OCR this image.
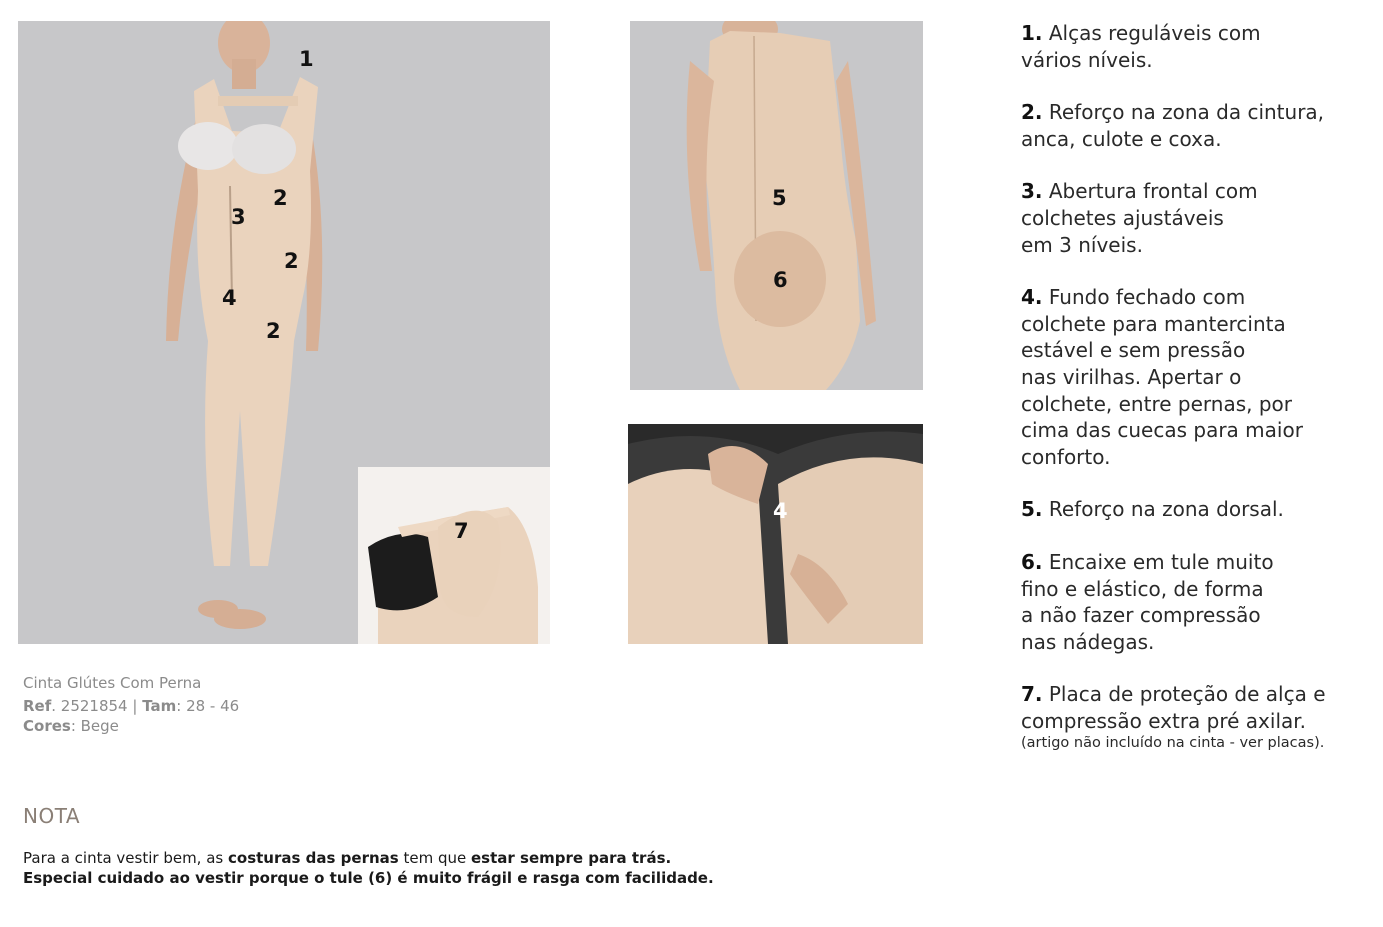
1
2
3
2
4
2
7
5
6
4
Cinta Glútes Com Perna
Ref. 2521854 | Tam: 28 - 46
Cores: Bege
NOTA
Para a cinta vestir bem, as costuras das pernas tem que estar sempre para trás.
Especial cuidado ao vestir porque o tule (6) é muito frágil e rasga com facilidade.
1. Alças reguláveis com
vários níveis.
2. Reforço na zona da cintura,
anca, culote e coxa.
3. Abertura frontal com
colchetes ajustáveis
em 3 níveis.
4. Fundo fechado com
colchete para mantercinta
estável e sem pressão
nas virilhas. Apertar o
colchete, entre pernas, por
cima das cuecas para maior
conforto.
5. Reforço na zona dorsal.
6. Encaixe em tule muito
fino e elástico, de forma
a não fazer compressão
nas nádegas.
7. Placa de proteção de alça e
compressão extra pré axilar.
(artigo não incluído na cinta - ver placas).
